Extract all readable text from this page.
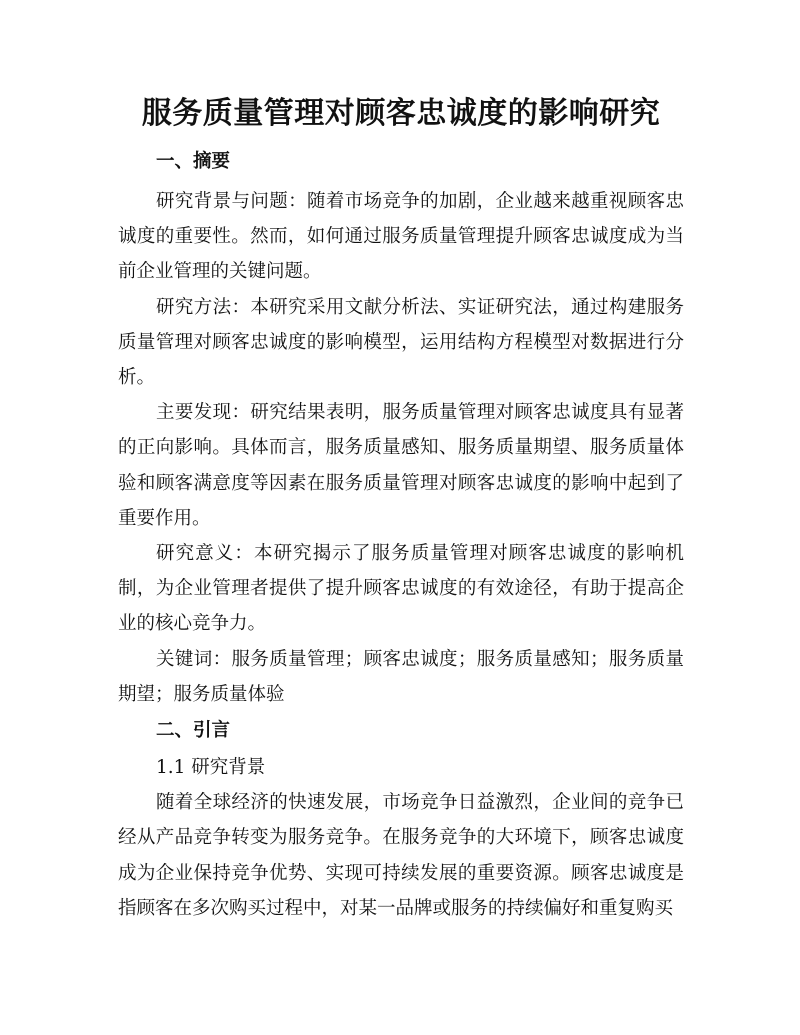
服务质量管理对顾客忠诚度的影响研究
一、摘要

研究背景与问题：随着市场竞争的加剧，企业越来越重视顾客忠诚度的重要性。然而，如何通过服务质量管理提升顾客忠诚度成为当前企业管理的关键问题。

研究方法：本研究采用文献分析法、实证研究法，通过构建服务质量管理对顾客忠诚度的影响模型，运用结构方程模型对数据进行分析。

主要发现：研究结果表明，服务质量管理对顾客忠诚度具有显著的正向影响。具体而言，服务质量感知、服务质量期望、服务质量体验和顾客满意度等因素在服务质量管理对顾客忠诚度的影响中起到了重要作用。

研究意义：本研究揭示了服务质量管理对顾客忠诚度的影响机制，为企业管理者提供了提升顾客忠诚度的有效途径，有助于提高企业的核心竞争力。

关键词：服务质量管理；顾客忠诚度；服务质量感知；服务质量期望；服务质量体验

二、引言

1.1 研究背景

随着全球经济的快速发展，市场竞争日益激烈，企业间的竞争已经从产品竞争转变为服务竞争。在服务竞争的大环境下，顾客忠诚度成为企业保持竞争优势、实现可持续发展的重要资源。顾客忠诚度是指顾客在多次购买过程中，对某一品牌或服务的持续偏好和重复购买
